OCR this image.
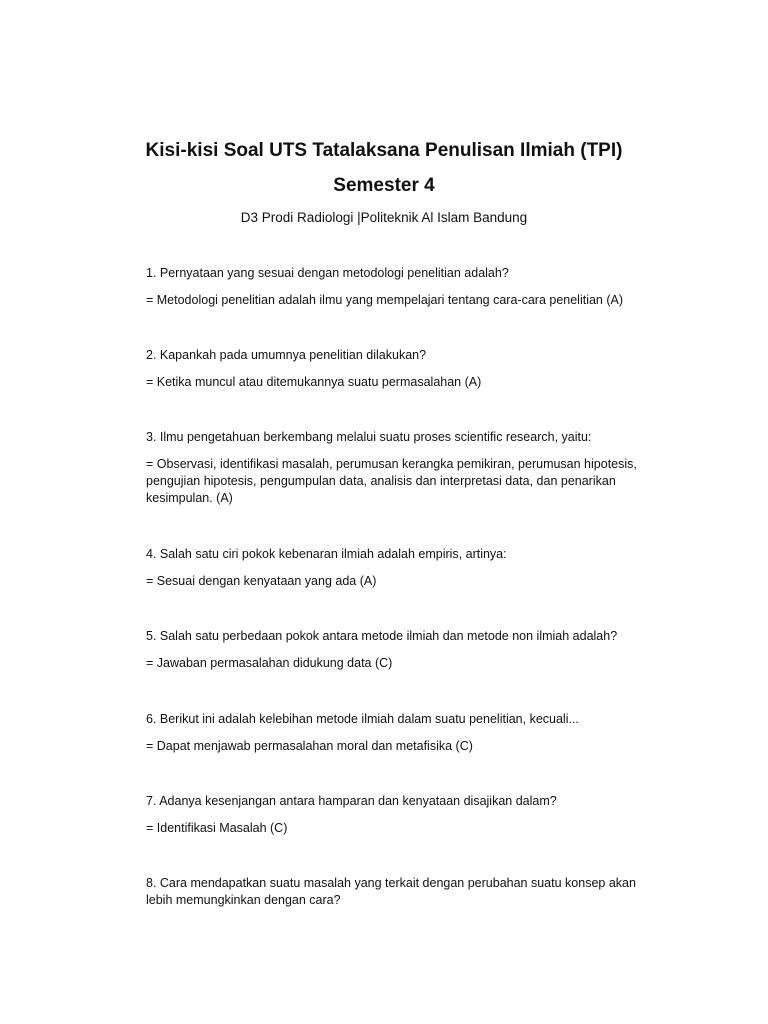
Kisi-kisi Soal UTS Tatalaksana Penulisan Ilmiah (TPI)
Semester 4
D3 Prodi Radiologi |Politeknik Al Islam Bandung

1. Pernyataan yang sesuai dengan metodologi penelitian adalah?

= Metodologi penelitian adalah ilmu yang mempelajari tentang cara-cara penelitian (A)

2. Kapankah pada umumnya penelitian dilakukan?

= Ketika muncul atau ditemukannya suatu permasalahan (A)

3. Ilmu pengetahuan berkembang melalui suatu proses scientific research, yaitu:

= Observasi, identifikasi masalah, perumusan kerangka pemikiran, perumusan hipotesis, pengujian hipotesis, pengumpulan data, analisis dan interpretasi data, dan penarikan kesimpulan. (A)

4. Salah satu ciri pokok kebenaran ilmiah adalah empiris, artinya:

= Sesuai dengan kenyataan yang ada (A)

5. Salah satu perbedaan pokok antara metode ilmiah dan metode non ilmiah adalah?

= Jawaban permasalahan didukung data (C)

6. Berikut ini adalah kelebihan metode ilmiah dalam suatu penelitian, kecuali...

= Dapat menjawab permasalahan moral dan metafisika (C)

7. Adanya kesenjangan antara hamparan dan kenyataan disajikan dalam?

= Identifikasi Masalah (C)

8. Cara mendapatkan suatu masalah yang terkait dengan perubahan suatu konsep akan lebih memungkinkan dengan cara?
